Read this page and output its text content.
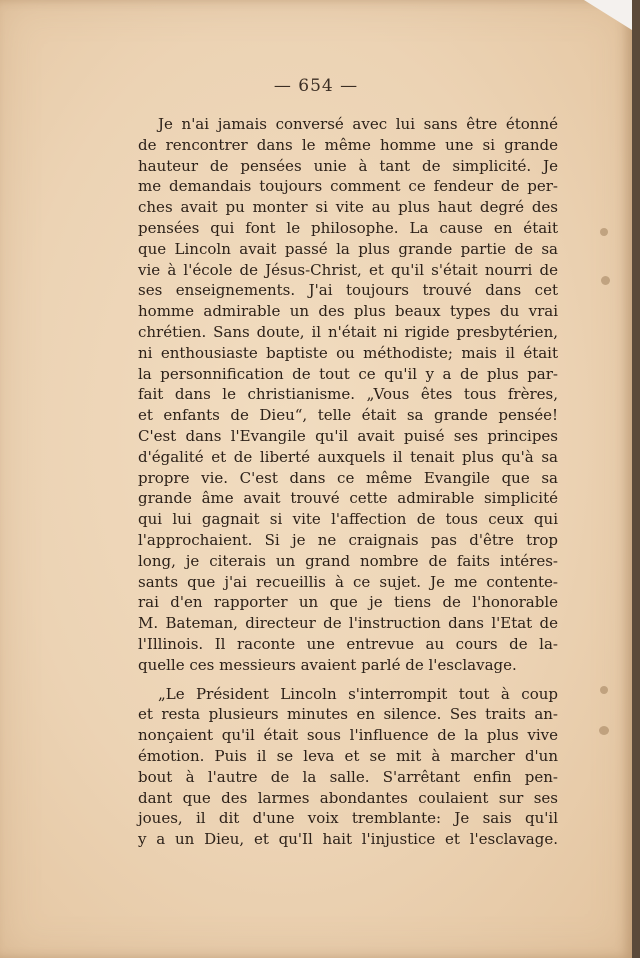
— 654 —
Je n'ai jamais conversé avec lui sans être étonné
de rencontrer dans le même homme une si grande
hauteur de pensées unie à tant de simplicité. Je
me demandais toujours comment ce fendeur de per-
ches avait pu monter si vite au plus haut degré des
pensées qui font le philosophe. La cause en était
que Lincoln avait passé la plus grande partie de sa
vie à l'école de Jésus-Christ, et qu'il s'était nourri de
ses enseignements. J'ai toujours trouvé dans cet
homme admirable un des plus beaux types du vrai
chrétien. Sans doute, il n'était ni rigide presbytérien,
ni enthousiaste baptiste ou méthodiste; mais il était
la personnification de tout ce qu'il y a de plus par-
fait dans le christianisme. „Vous êtes tous frères,
et enfants de Dieu“, telle était sa grande pensée!
C'est dans l'Evangile qu'il avait puisé ses principes
d'égalité et de liberté auxquels il tenait plus qu'à sa
propre vie. C'est dans ce même Evangile que sa
grande âme avait trouvé cette admirable simplicité
qui lui gagnait si vite l'affection de tous ceux qui
l'approchaient. Si je ne craignais pas d'être trop
long, je citerais un grand nombre de faits intéres-
sants que j'ai recueillis à ce sujet. Je me contente-
rai d'en rapporter un que je tiens de l'honorable
M. Bateman, directeur de l'instruction dans l'Etat de
l'Illinois. Il raconte une entrevue au cours de la-
quelle ces messieurs avaient parlé de l'esclavage.
„Le Président Lincoln s'interrompit tout à coup
et resta plusieurs minutes en silence. Ses traits an-
nonçaient qu'il était sous l'influence de la plus vive
émotion. Puis il se leva et se mit à marcher d'un
bout à l'autre de la salle. S'arrêtant enfin pen-
dant que des larmes abondantes coulaient sur ses
joues, il dit d'une voix tremblante: Je sais qu'il
y a un Dieu, et qu'Il hait l'injustice et l'esclavage.
